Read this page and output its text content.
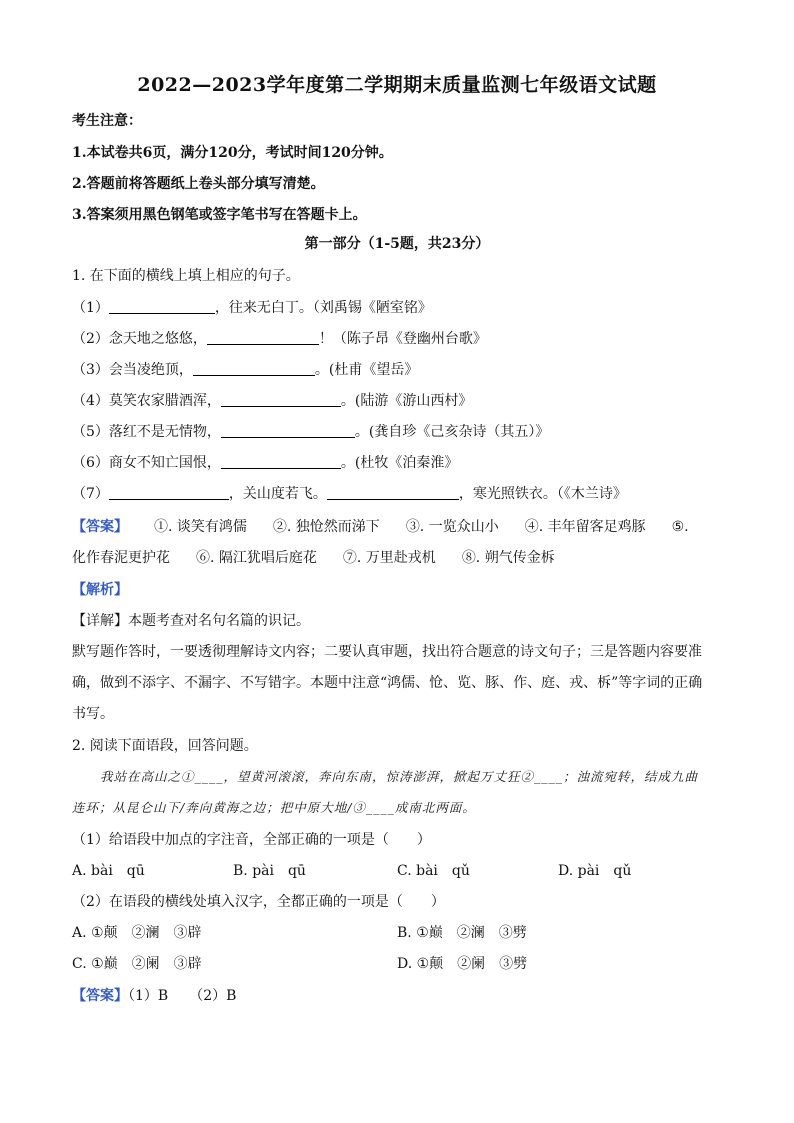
2022—2023学年度第二学期期末质量监测七年级语文试题
考生注意：
1.本试卷共6页，满分120分，考试时间120分钟。
2.答题前将答题纸上卷头部分填写清楚。
3.答案须用黑色钢笔或签字笔书写在答题卡上。
第一部分（1-5题，共23分）
1. 在下面的横线上填上相应的句子。
（1）	，往来无白丁。（刘禹锡《陋室铭》
（2）念天地之悠悠，	！（陈子昂《登幽州台歌》
（3）会当凌绝顶，	。(杜甫《望岳》
（4）莫笑农家腊酒浑，	。(陆游《游山西村》
（5）落红不是无情物，	。(龚自珍《己亥杂诗（其五）》
（6）商女不知亡国恨，	。(杜牧《泊秦淮》
（7）	，关山度若飞。	，寒光照铁衣。（《木兰诗》
【答案】 ①. 谈笑有鸿儒 ②. 独怆然而涕下 ③. 一览众山小 ④. 丰年留客足鸡豚 ⑤.
化作春泥更护花 ⑥. 隔江犹唱后庭花 ⑦. 万里赴戎机 ⑧. 朔气传金柝
【解析】
【详解】本题考查对名句名篇的识记。
默写题作答时，一要透彻理解诗文内容；二要认真审题，找出符合题意的诗文句子；三是答题内容要准
确，做到不添字、不漏字、不写错字。本题中注意“鸿儒、怆、览、豚、作、庭、戎、柝”等字词的正确
书写。
2. 阅读下面语段，回答问题。
我站在高山之①____，望黄河滚滚，奔向东南，惊涛澎湃，掀起万丈狂②____；浊流宛转，结成九曲
连环；从昆仑山下/奔向黄海之边；把中原大地/③____成南北两面。
（1）给语段中加点的字注音，全部正确的一项是（　　）
A. bài　qū	B. pài　qū	C. bài　qǔ	D. pài　qǔ
（2）在语段的横线处填入汉字，全都正确的一项是（　　）
A. ①颠　②澜　③辟	B. ①巅　②澜　③劈
C. ①巅　②阑　③辟	D. ①颠　②阑　③劈
【答案】（1）B　　（2）B
